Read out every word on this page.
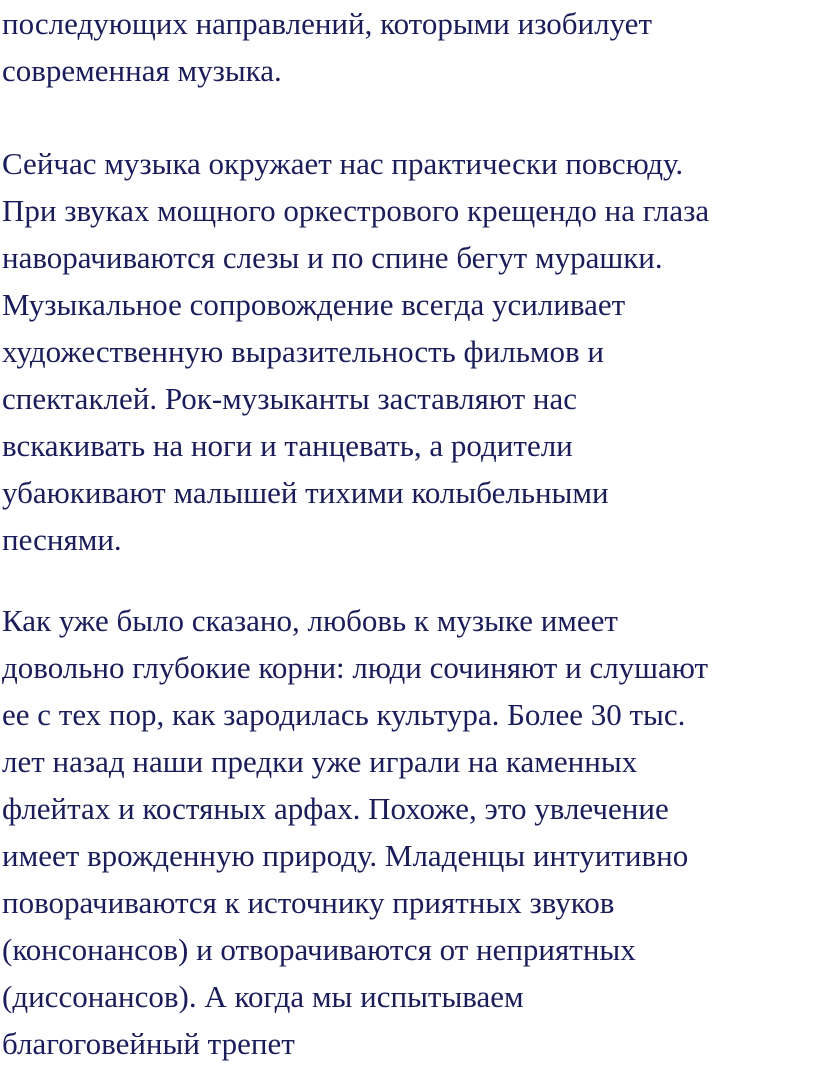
последующих направлений, которыми изобилует
современная музыка.
Сейчас музыка окружает нас практически повсюду.
При звуках мощного оркестрового крещендо на глаза
наворачиваются слезы и по спине бегут мурашки.
Музыкальное сопровождение всегда усиливает
художественную выразительность фильмов и
спектаклей. Рок-музыканты заставляют нас
вскакивать на ноги и танцевать, а родители
убаюкивают малышей тихими колыбельными
песнями.
Как уже было сказано, любовь к музыке имеет
довольно глубокие корни: люди сочиняют и слушают
ее с тех пор, как зародилась культура. Более 30 тыс.
лет назад наши предки уже играли на каменных
флейтах и костяных арфах. Похоже, это увлечение
имеет врожденную природу. Младенцы интуитивно
поворачиваются к источнику приятных звуков
(консонансов) и отворачиваются от неприятных
(диссонансов). А когда мы испытываем
благоговейный трепет
